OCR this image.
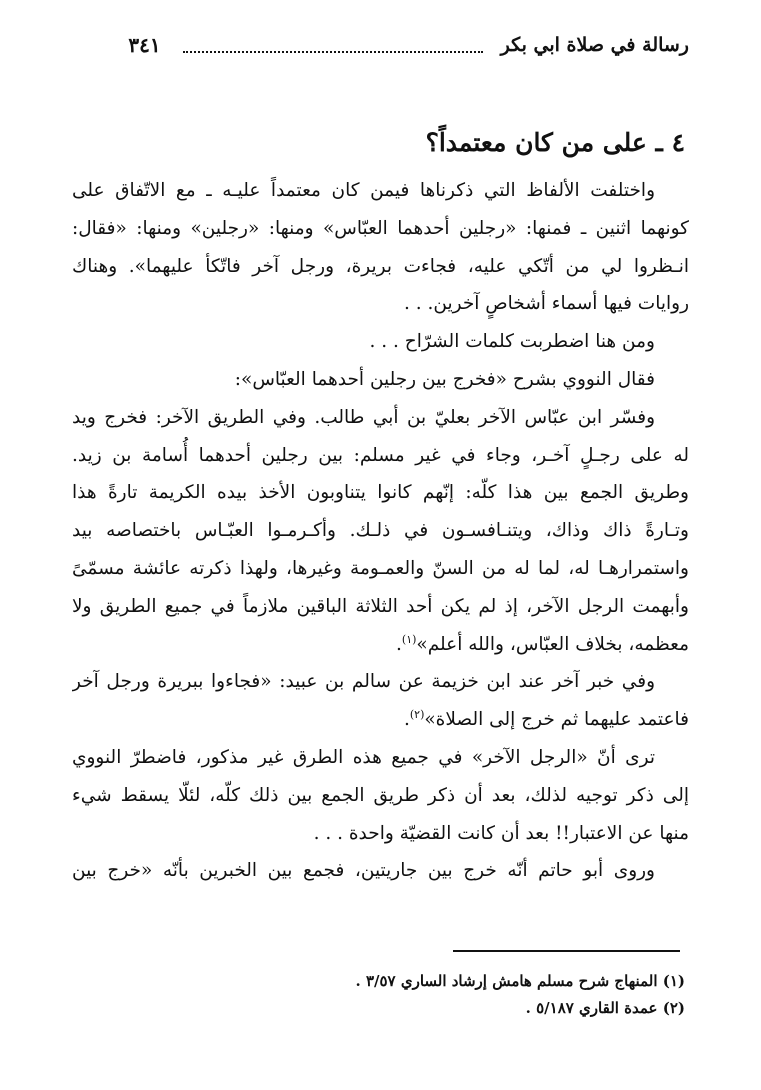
رسالة في صلاة ابي بكر
٣٤١
٤ ـ على من كان معتمداً؟
واختلفت الألفاظ التي ذكرناها فيمن كان معتمداً عليـه ـ مع الاتّفاق على
كونهما اثنين ـ فمنها: «رجلين أحدهما العبّاس» ومنها: «رجلين» ومنها: «فقال:
انـظروا لي من أتّكي عليه، فجاءت بريرة، ورجل آخر فاتّكأ عليهما». وهناك
روايات فيها أسماء أشخاصٍ آخرين. . .
ومن هنا اضطربت كلمات الشرّاح . . .
فقال النووي بشرح «فخرج بين رجلين أحدهما العبّاس»:
وفسّر ابن عبّاس الآخر بعليّ بن أبي طالب. وفي الطريق الآخر: فخرج ويد
له على رجـلٍ آخـر، وجاء في غير مسلم: بين رجلين أحدهما أُسامة بن زيد.
وطريق الجمع بين هذا كلّه: إنّهم كانوا يتناوبون الأخذ بيده الكريمة تارةً هذا
وتـارةً ذاك وذاك، ويتنـافسـون في ذلـك. وأكـرمـوا العبّـاس باختصاصه بيد
واستمرارهـا له، لما له من السنّ والعمـومة وغيرها، ولهذا ذكرته عائشة مسمّىً
وأبهمت الرجل الآخر، إذ لم يكن أحد الثلاثة الباقين ملازماً في جميع الطريق ولا
معظمه، بخلاف العبّاس، والله أعلم»$^{(١)}$.
وفي خبر آخر عند ابن خزيمة عن سالم بن عبيد: «فجاءوا ببريرة ورجل آخر
فاعتمد عليهما ثم خرج إلى الصلاة»$^{(٢)}$.
ترى أنّ «الرجل الآخر» في جميع هذه الطرق غير مذكور، فاضطرّ النووي
إلى ذكر توجيه لذلك، بعد أن ذكر طريق الجمع بين ذلك كلّه، لئلّا يسقط شيء
منها عن الاعتبار!! بعد أن كانت القضيّة واحدة . . .
وروى أبو حاتم أنّه خرج بين جاريتين، فجمع بين الخبرين بأنّه «خرج بين
(١) المنهاج شرح مسلم هامش إرشاد الساري ٣/٥٧ .
(٢) عمدة القاري ٥/١٨٧ .
